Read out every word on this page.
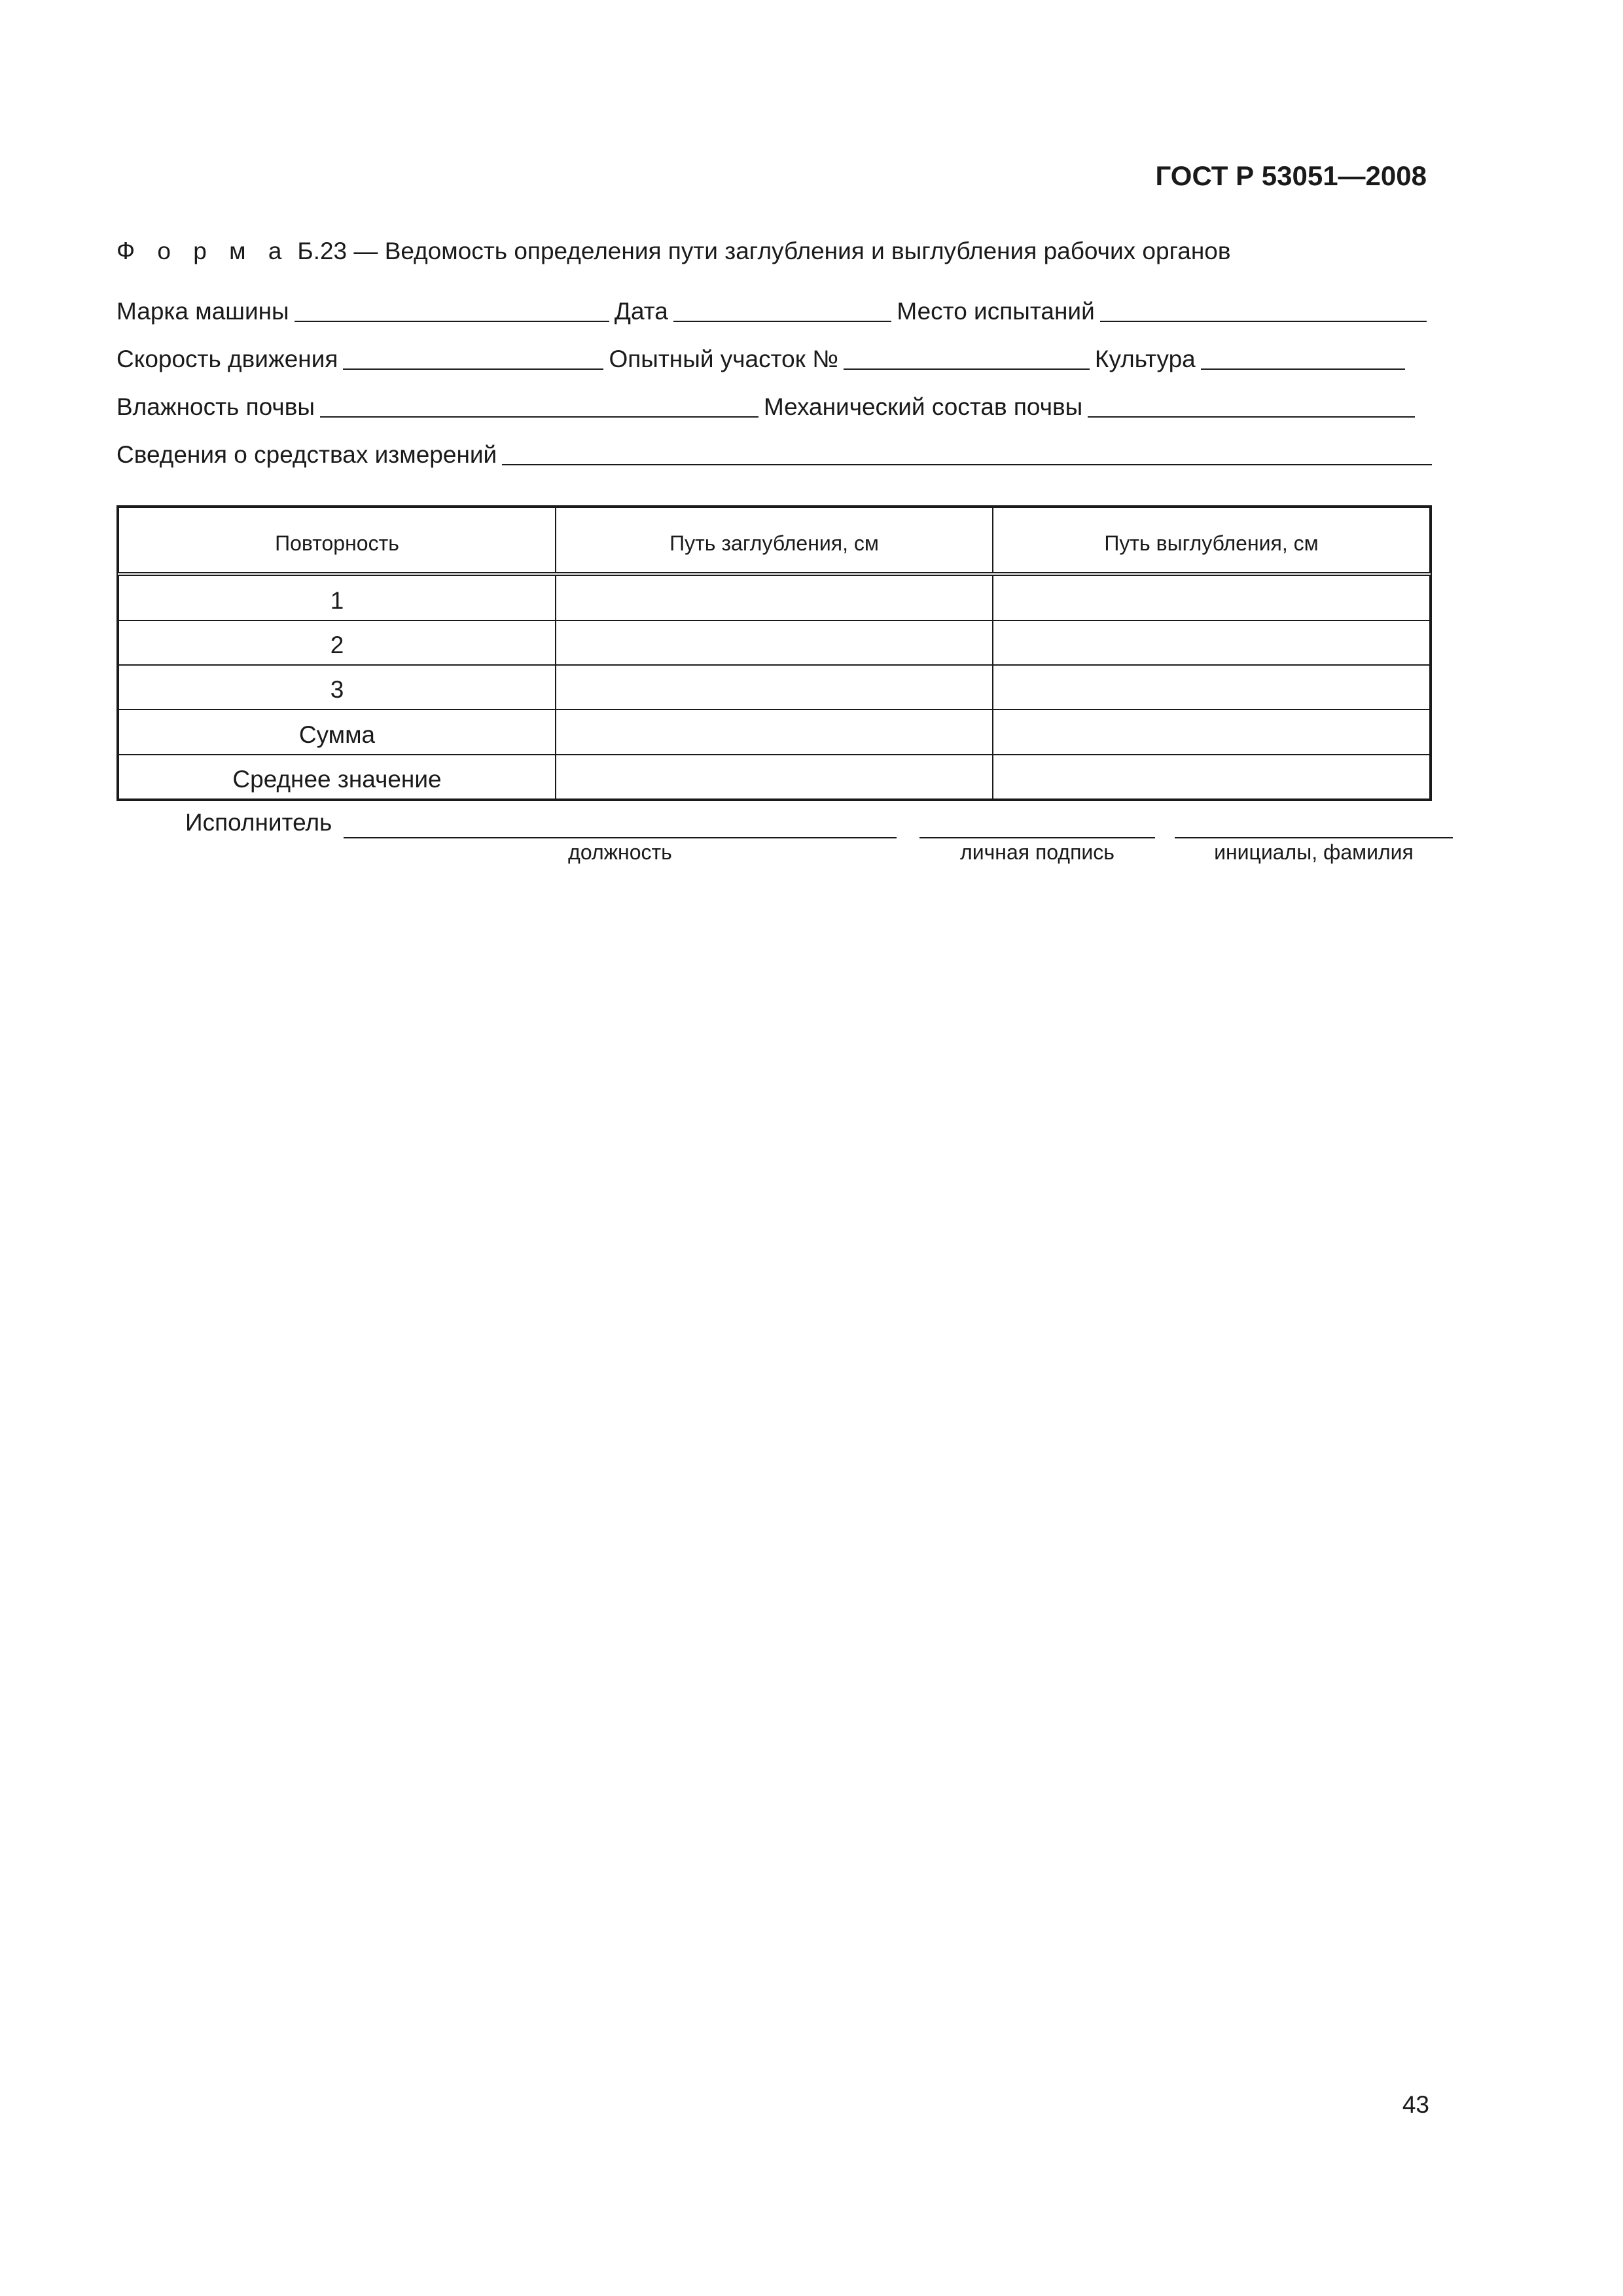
ГОСТ Р 53051—2008
Ф о р м а Б.23 — Ведомость определения пути заглубления и выглубления рабочих органов
Марка машины	Дата	Место испытаний
Скорость движения	Опытный участок №	Культура
Влажность почвы	Механический состав почвы
Сведения о средствах измерений
Повторность	Путь заглубления, см	Путь выглубления, см
1		
2		
3		
Сумма		
Среднее значение		
Исполнитель
должность	личная подпись	инициалы, фамилия
43
